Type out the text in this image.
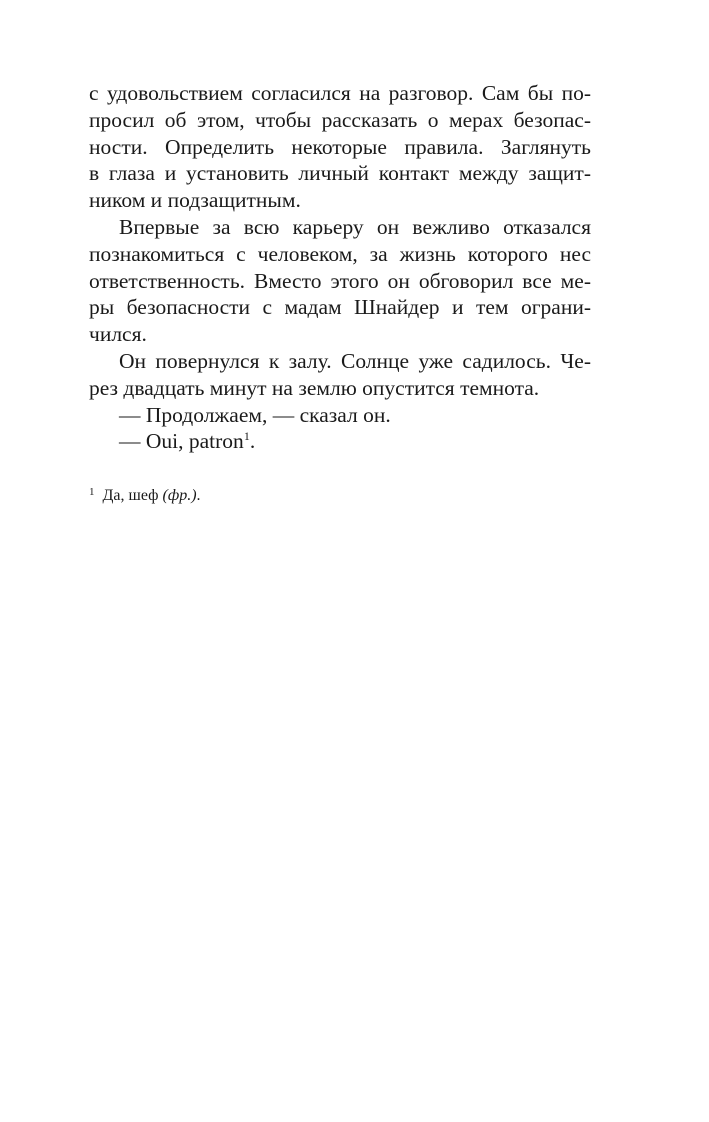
с удовольствием согласился на разговор. Сам бы по-
просил об этом, чтобы рассказать о мерах безопас-
ности. Определить некоторые правила. Заглянуть
в глаза и установить личный контакт между защит-
ником и подзащитным.
Впервые за всю карьеру он вежливо отказался
познакомиться с человеком, за жизнь которого нес
ответственность. Вместо этого он обговорил все ме-
ры безопасности с мадам Шнайдер и тем ограни-
чился.
Он повернулся к залу. Солнце уже садилось. Че-
рез двадцать минут на землю опустится темнота.
— Продолжаем, — сказал он.
— Oui, patron$^1$.
$^1$ Да, шеф (фр.).
